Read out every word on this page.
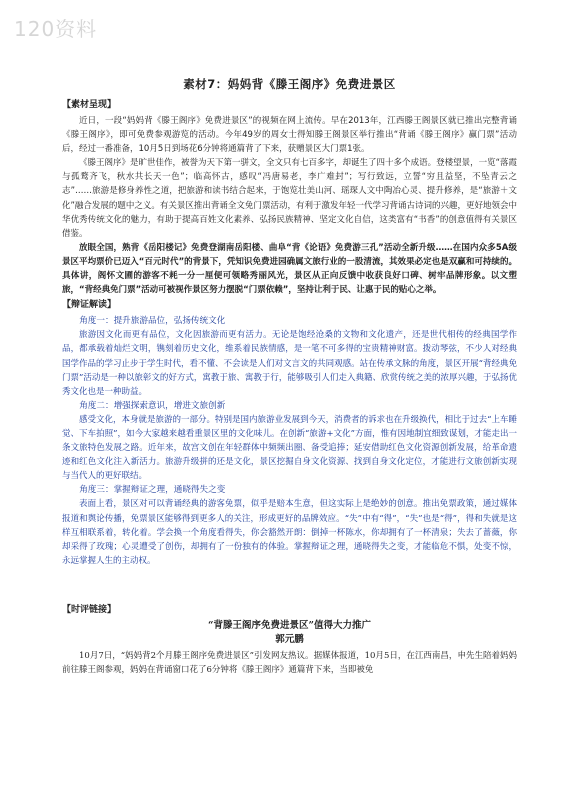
120资料
素材7：妈妈背《滕王阁序》免费进景区
【素材呈现】

近日，一段“妈妈背《滕王阁序》免费进景区”的视频在网上流传。早在2013年，江西滕王阁景区就已推出完整背诵《滕王阁序》，即可免费参观游览的活动。今年49岁的周女士得知滕王阁景区举行推出“背诵《滕王阁序》赢门票”活动后，经过一番准备，10月5日到场花6分钟将通篇背了下来，获赠景区大门票1张。

《滕王阁序》是旷世佳作，被誉为天下第一骈文，全文只有七百多字，却诞生了四十多个成语。登楼望景，一览“落霞与孤鹜齐飞，秋水共长天一色”；临高怀古，感叹“冯唐易老，李广难封”；写行致远，立誓“穷且益坚，不坠青云之志”……旅游是修身养性之道，把旅游和读书结合起来，于饱览壮美山河、瑶琛人文中陶冶心灵、提升修养，是“旅游＋文化”融合发展的题中之义。有关景区推出背诵全文免门票活动，有利于激发年轻一代学习背诵古诗词的兴趣，更好地领会中华优秀传统文化的魅力，有助于提高百姓文化素养、弘扬民族精神、坚定文化自信，这类富有“书香”的创意值得有关景区借鉴。

放眼全国，熟背《岳阳楼记》免费登湖南岳阳楼、曲阜“背《论语》免费游三孔”活动全新升级……在国内众多5A级景区平均票价已迈入“百元时代”的背景下，凭知识免费进园确属文旅行业的一股清流，其效果必定也是双赢和可持续的。具体讲，阁怀文圃的游客不耗一分一厘便可领略秀丽风光，景区从正向反馈中收获良好口碑、树牢品牌形象。以文塑旅，“背经典免门票”活动可被视作景区努力摆脱“门票依赖”，坚持让利于民、让惠于民的贴心之举。

【辩证解读】

角度一：提升旅游品位，弘扬传统文化

旅游因文化而更有品位，文化因旅游而更有活力。无论是饱经沧桑的文物和文化遗产，还是世代相传的经典国学作品，都承载着灿烂文明，镌刻着历史文化，维系着民族情感，是一笔不可多得的宝贵精神财富。拨动琴弦，不少人对经典国学作品的学习止步于学生时代，看不懂、不会读是人们对文言文的共同观感。站在传承文脉的角度，景区开展“背经典免门票”活动是一种以旅彰文的好方式，寓教于旅、寓教于行，能够吸引人们走入典籍、欣赏传统之美的浓厚兴趣，于弘扬优秀文化也是一种助益。

角度二：增强探索意识，增进文旅创新

感受文化，本身就是旅游的一部分。特别是国内旅游业发展到今天，消费者的诉求也在升级换代，相比于过去“上车睡觉、下车拍照”，如今大家越来越看重景区里的文化味儿。在创新“旅游+文化”方面，惟有因地制宜细致谋划，才能走出一条文旅特色发展之路。近年来，故宫文创在年轻群体中频频出圈、备受追捧；延安借助红色文化资源创新发展，给革命遗迹和红色文化注入新活力。旅游升级拼的还是文化，景区挖掘自身文化资源、找到自身文化定位，才能进行文旅创新实现与当代人的更好联结。

角度三：掌握辩证之理，通晓得失之变

表面上看，景区对可以背诵经典的游客免票，似乎是赔本生意，但这实际上是绝妙的创意。推出免票政策，通过媒体报道和舆论传播，免票景区能够得到更多人的关注，形成更好的品牌效应。“失”中有“得”，“失”也是“得”，得和失就是这样互相联系着，转化着。学会换一个角度看得失，你会豁然开朗：倒掉一杯陈水，你却拥有了一杯清泉；失去了蔷薇，你却采得了玫瑰；心灵遭受了创伤，却拥有了一份独有的体验。掌握辩证之理，通晓得失之变，才能临危不惧，处变不惊，永远掌握人生的主动权。

【时评链接】

“背滕王阁序免费进景区”值得大力推广

郭元鹏

10月7日，“妈妈背2个月滕王阁序免费进景区”引发网友热议。据媒体报道，10月5日，在江西南昌，申先生陪着妈妈前往滕王阁参观，妈妈在背诵窗口花了6分钟将《滕王阁序》通篇背下来，当即被免
